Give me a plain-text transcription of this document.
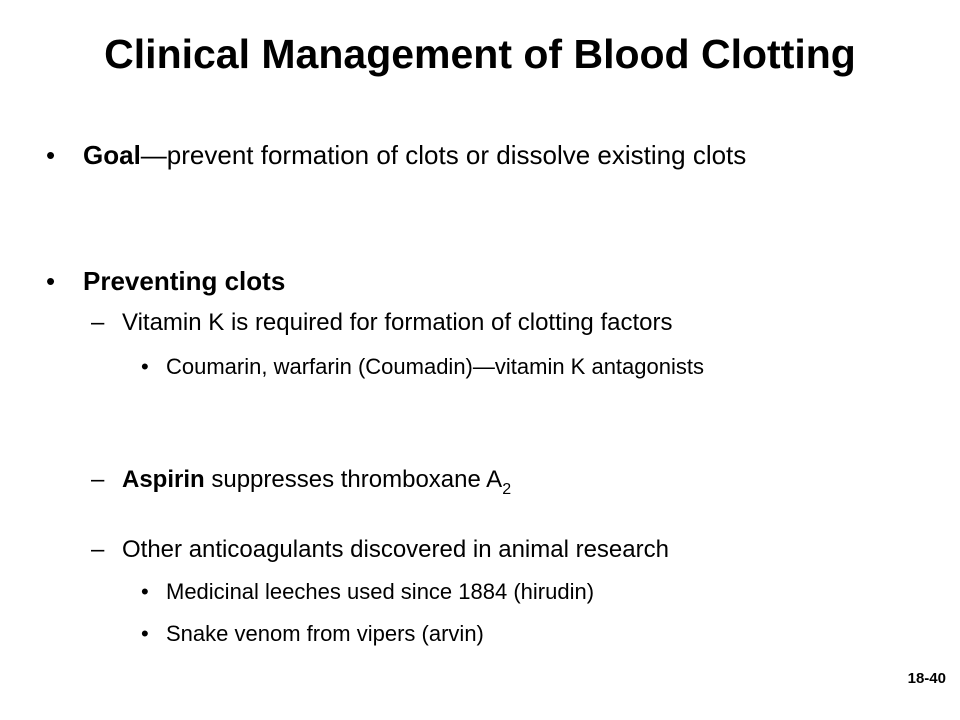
Clinical Management of Blood Clotting
• Goal—prevent formation of clots or dissolve existing clots
• Preventing clots
– Vitamin K is required for formation of clotting factors
• Coumarin, warfarin (Coumadin)—vitamin K antagonists
– Aspirin suppresses thromboxane $A_2$
– Other anticoagulants discovered in animal research
• Medicinal leeches used since 1884 (hirudin)
• Snake venom from vipers (arvin)
18-40
